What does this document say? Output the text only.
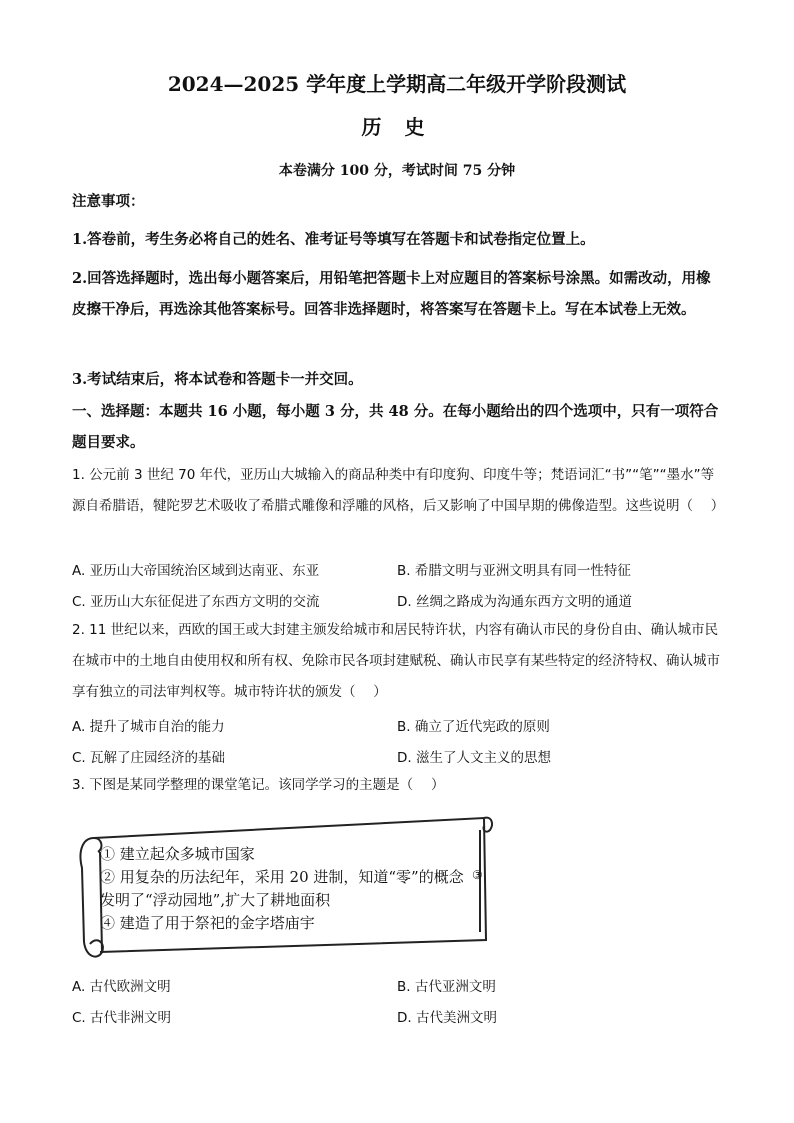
2024—2025 学年度上学期高二年级开学阶段测试
历 史
本卷满分 100 分，考试时间 75 分钟
注意事项：
1.答卷前，考生务必将自己的姓名、准考证号等填写在答题卡和试卷指定位置上。
2.回答选择题时，选出每小题答案后，用铅笔把答题卡上对应题目的答案标号涂黑。如需改动，用橡皮擦干净后，再选涂其他答案标号。回答非选择题时，将答案写在答题卡上。写在本试卷上无效。
3.考试结束后，将本试卷和答题卡一并交回。
一、选择题：本题共 16 小题，每小题 3 分，共 48 分。在每小题给出的四个选项中，只有一项符合题目要求。
1. 公元前 3 世纪 70 年代，亚历山大城输入的商品种类中有印度狗、印度牛等；梵语词汇“书”“笔”“墨水”等源自希腊语，犍陀罗艺术吸收了希腊式雕像和浮雕的风格，后又影响了中国早期的佛像造型。这些说明（　 ）
A. 亚历山大帝国统治区域到达南亚、东亚	B. 希腊文明与亚洲文明具有同一性特征
C. 亚历山大东征促进了东西方文明的交流	D. 丝绸之路成为沟通东西方文明的通道
2. 11 世纪以来，西欧的国王或大封建主颁发给城市和居民特许状，内容有确认市民的身份自由、确认城市民在城市中的土地自由使用权和所有权、免除市民各项封建赋税、确认市民享有某些特定的经济特权、确认城市享有独立的司法审判权等。城市特许状的颁发（　 ）
A. 提升了城市自治的能力	B. 确立了近代宪政的原则
C. 瓦解了庄园经济的基础	D. 滋生了人文主义的思想
3. 下图是某同学整理的课堂笔记。该同学学习的主题是（　 ）
① 建立起众多城市国家
② 用复杂的历法纪年，采用 20 进制，知道“零”的概念
发明了“浮动园地”,扩大了耕地面积
④ 建造了用于祭祀的金字塔庙宇
③
A. 古代欧洲文明	B. 古代亚洲文明
C. 古代非洲文明	D. 古代美洲文明
